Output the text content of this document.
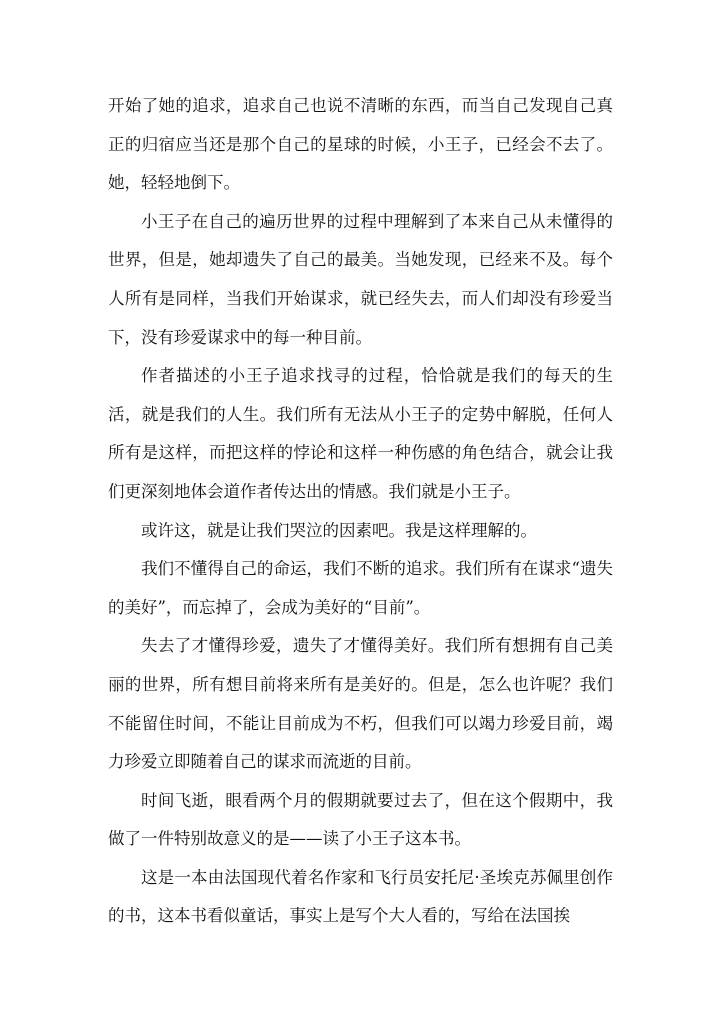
开始了她的追求，追求自己也说不清晰的东西，而当自己发现自己真正的归宿应当还是那个自己的星球的时候，小王子，已经会不去了。她，轻轻地倒下。

小王子在自己的遍历世界的过程中理解到了本来自己从未懂得的世界，但是，她却遗失了自己的最美。当她发现，已经来不及。每个人所有是同样，当我们开始谋求，就已经失去，而人们却没有珍爱当下，没有珍爱谋求中的每一种目前。

作者描述的小王子追求找寻的过程，恰恰就是我们的每天的生活，就是我们的人生。我们所有无法从小王子的定势中解脱，任何人所有是这样，而把这样的悖论和这样一种伤感的角色结合，就会让我们更深刻地体会道作者传达出的情感。我们就是小王子。

或许这，就是让我们哭泣的因素吧。我是这样理解的。

我们不懂得自己的命运，我们不断的追求。我们所有在谋求“遗失的美好”，而忘掉了，会成为美好的“目前”。

失去了才懂得珍爱，遗失了才懂得美好。我们所有想拥有自己美丽的世界，所有想目前将来所有是美好的。但是，怎么也许呢？我们不能留住时间，不能让目前成为不朽，但我们可以竭力珍爱目前，竭力珍爱立即随着自己的谋求而流逝的目前。

时间飞逝，眼看两个月的假期就要过去了，但在这个假期中，我做了一件特别故意义的是——读了小王子这本书。

这是一本由法国现代着名作家和飞行员安托尼·圣埃克苏佩里创作的书，这本书看似童话，事实上是写个大人看的，写给在法国挨
